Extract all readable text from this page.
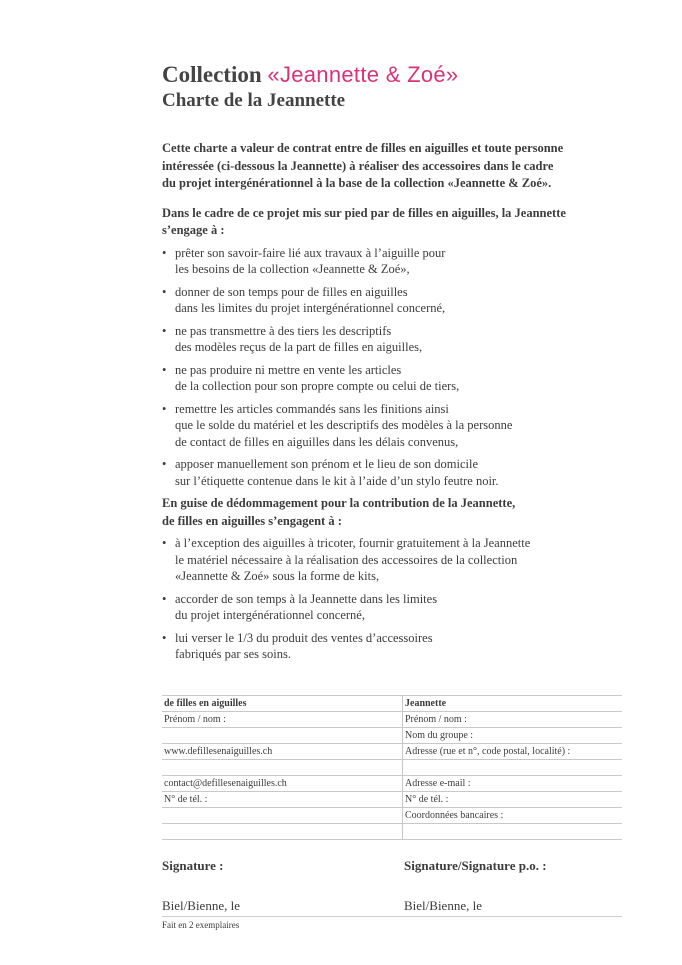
Collection «Jeannette & Zoé»
Charte de la Jeannette

Cette charte a valeur de contrat entre de filles en aiguilles et toute personne
intéressée (ci-dessous la Jeannette) à réaliser des accessoires dans le cadre
du projet intergénérationnel à la base de la collection «Jeannette & Zoé».

Dans le cadre de ce projet mis sur pied par de filles en aiguilles, la Jeannette
s’engage à :

• prêter son savoir-faire lié aux travaux à l’aiguille pour
les besoins de la collection «Jeannette & Zoé»,
• donner de son temps pour de filles en aiguilles
dans les limites du projet intergénérationnel concerné,
• ne pas transmettre à des tiers les descriptifs
des modèles reçus de la part de filles en aiguilles,
• ne pas produire ni mettre en vente les articles
de la collection pour son propre compte ou celui de tiers,
• remettre les articles commandés sans les finitions ainsi
que le solde du matériel et les descriptifs des modèles à la personne
de contact de filles en aiguilles dans les délais convenus,
• apposer manuellement son prénom et le lieu de son domicile
sur l’étiquette contenue dans le kit à l’aide d’un stylo feutre noir.

En guise de dédommagement pour la contribution de la Jeannette,
de filles en aiguilles s’engagent à :

• à l’exception des aiguilles à tricoter, fournir gratuitement à la Jeannette
le matériel nécessaire à la réalisation des accessoires de la collection
«Jeannette & Zoé» sous la forme de kits,
• accorder de son temps à la Jeannette dans les limites
du projet intergénérationnel concerné,
• lui verser le 1/3 du produit des ventes d’accessoires
fabriqués par ses soins.
de filles en aiguilles	Jeannette
Prénom / nom :	Prénom / nom :
	Nom du groupe :
www.defillesenaiguilles.ch	Adresse (rue et n°, code postal, localité) :

contact@defillesenaiguilles.ch	Adresse e-mail :
N° de tél. :	N° de tél. :
	Coordonnées bancaires :

Signature :	Signature/Signature p.o. :
Biel/Bienne, le	Biel/Bienne, le
Fait en 2 exemplaires
